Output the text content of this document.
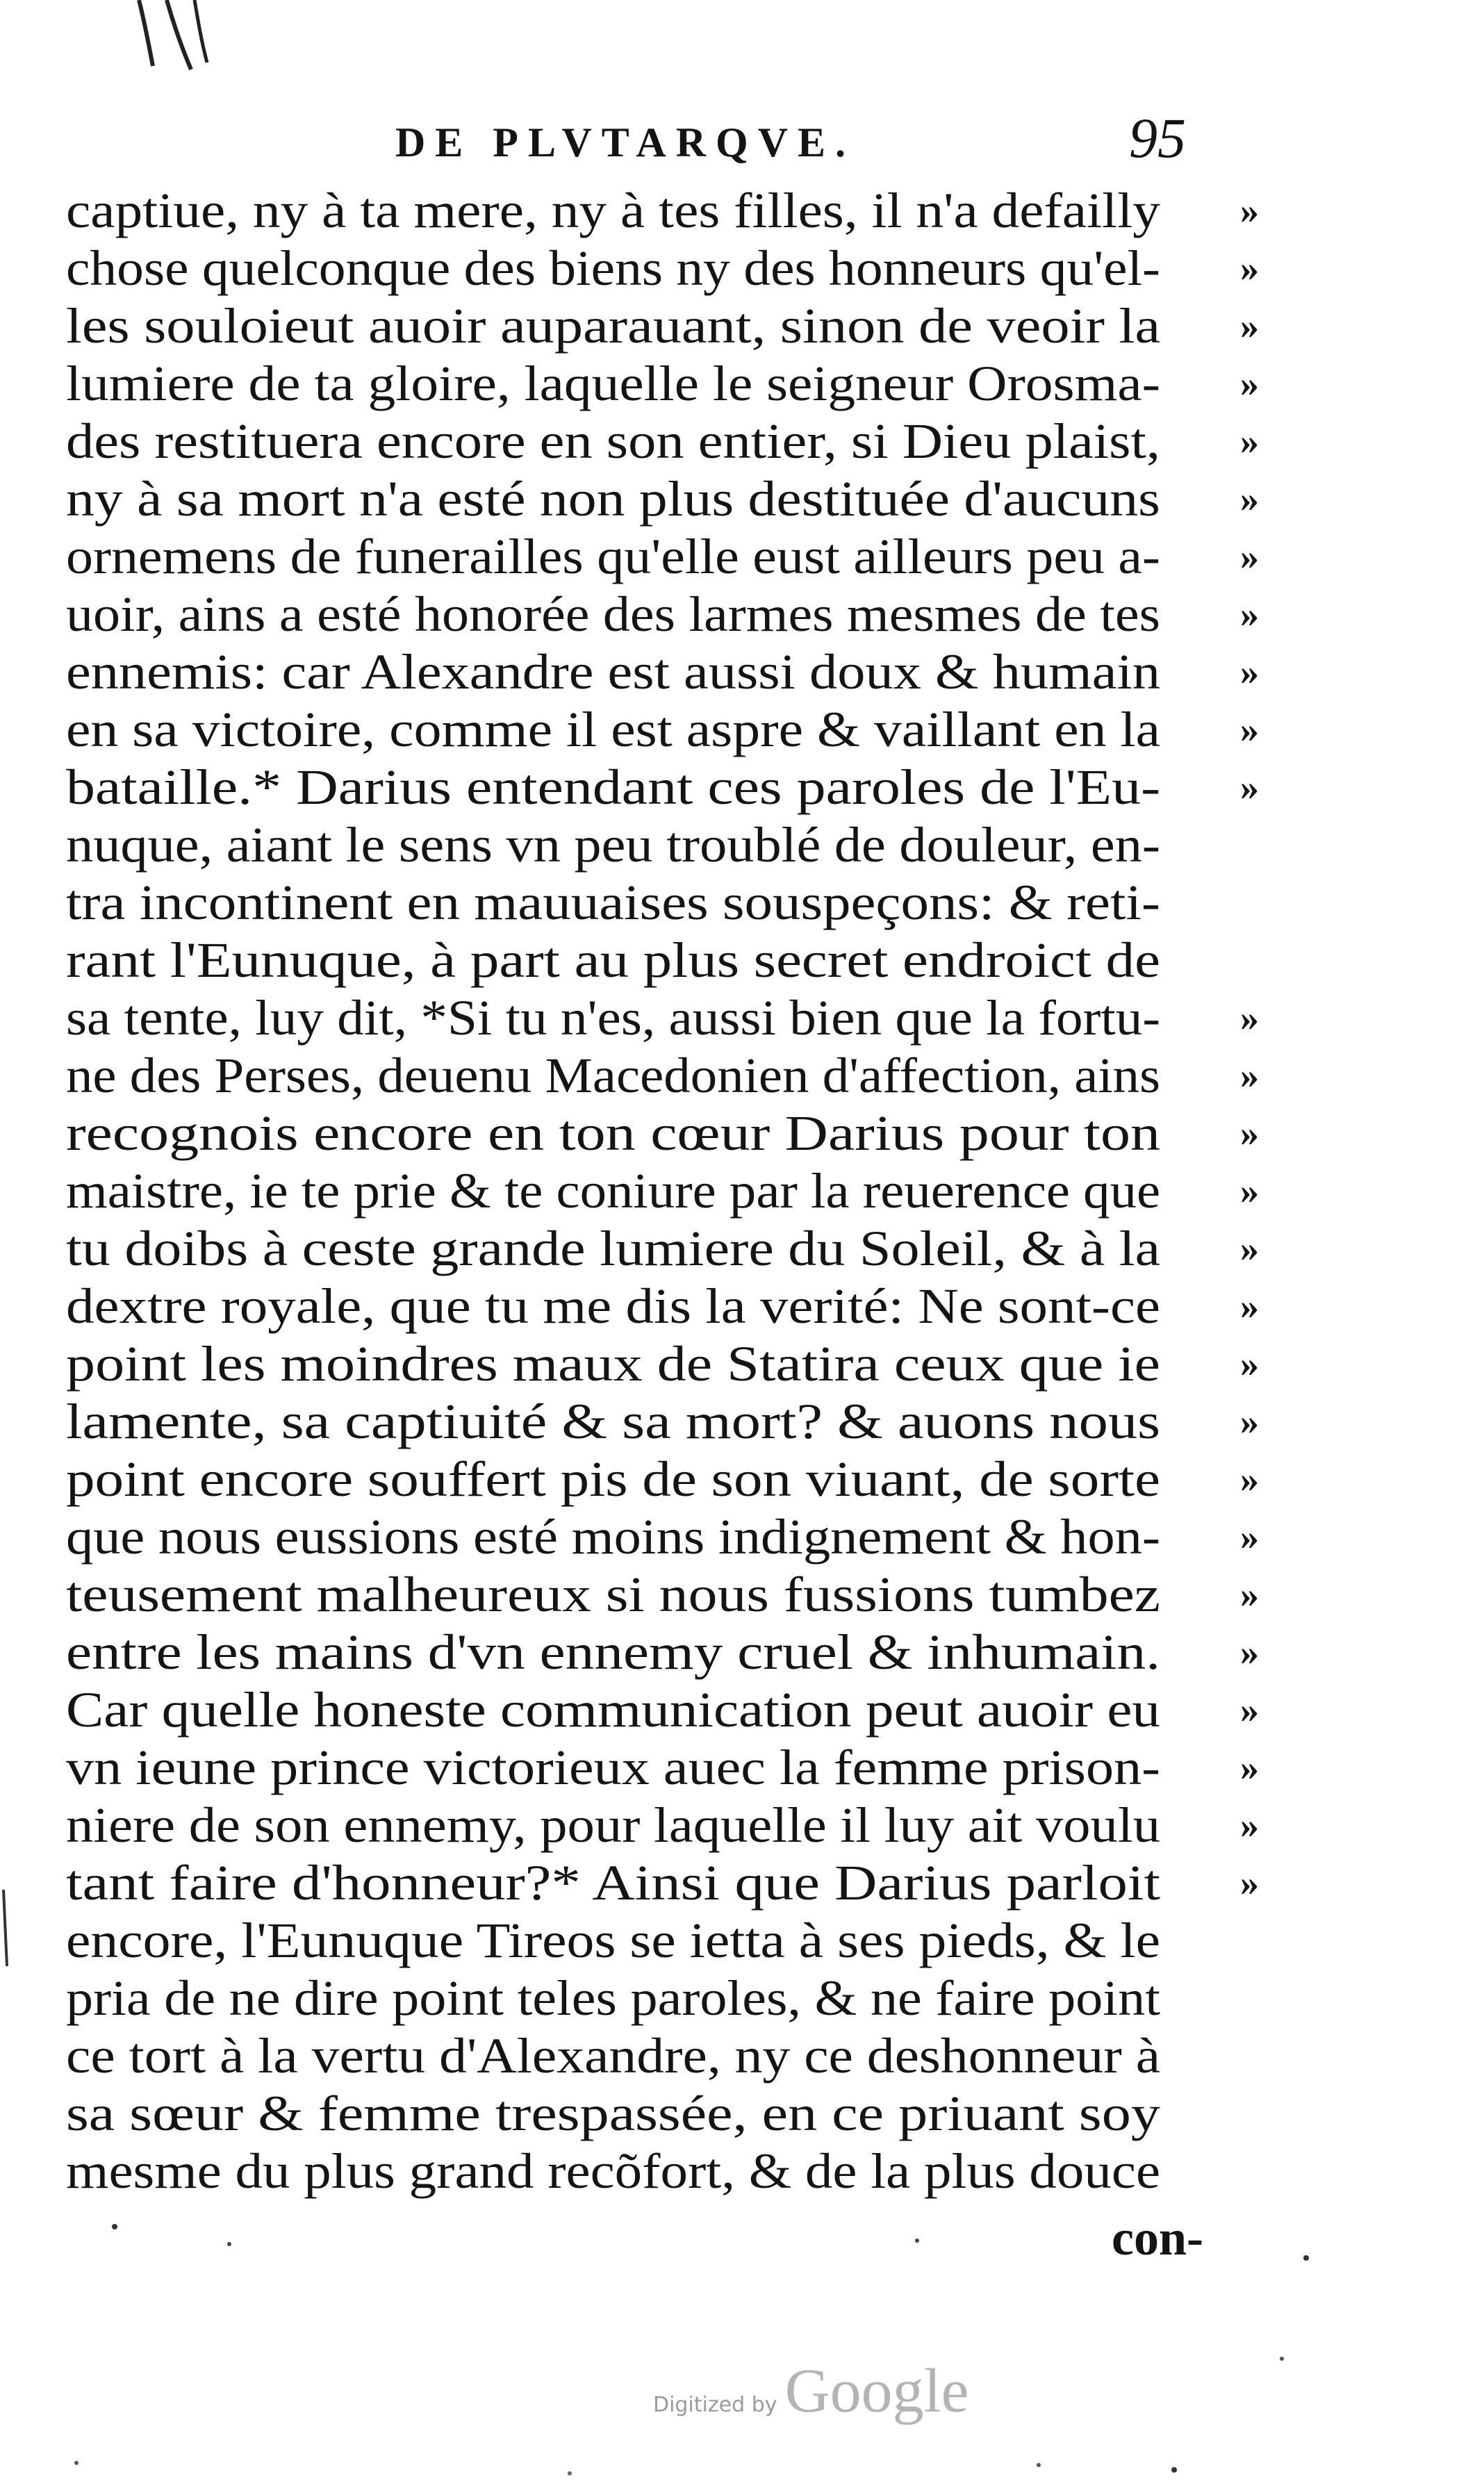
DE PLVTARQVE.	95
captiue, ny à ta mere, ny à tes filles, il n'a defailly »
chose quelconque des biens ny des honneurs qu'el- »
les souloieut auoir auparauant, sinon de veoir la »
lumiere de ta gloire, laquelle le seigneur Orosma- »
des restituera encore en son entier, si Dieu plaist, »
ny à sa mort n'a esté non plus destituée d'aucuns »
ornemens de funerailles qu'elle eust ailleurs peu a- »
uoir, ains a esté honorée des larmes mesmes de tes »
ennemis: car Alexandre est aussi doux & humain »
en sa victoire, comme il est aspre & vaillant en la »
bataille.* Darius entendant ces paroles de l'Eu- »
nuque, aiant le sens vn peu troublé de douleur, en-
tra incontinent en mauuaises souspeçons: & reti-
rant l'Eunuque, à part au plus secret endroict de
sa tente, luy dit, *Si tu n'es, aussi bien que la fortu- »
ne des Perses, deuenu Macedonien d'affection, ains »
recognois encore en ton cœur Darius pour ton »
maistre, ie te prie & te coniure par la reuerence que »
tu doibs à ceste grande lumiere du Soleil, & à la »
dextre royale, que tu me dis la verité: Ne sont-ce »
point les moindres maux de Statira ceux que ie »
lamente, sa captiuité & sa mort? & auons nous »
point encore souffert pis de son viuant, de sorte »
que nous eussions esté moins indignement & hon- »
teusement malheureux si nous fussions tumbez »
entre les mains d'vn ennemy cruel & inhumain. »
Car quelle honeste communication peut auoir eu »
vn ieune prince victorieux auec la femme prison- »
niere de son ennemy, pour laquelle il luy ait voulu »
tant faire d'honneur?* Ainsi que Darius parloit »
encore, l'Eunuque Tireos se ietta à ses pieds, & le
pria de ne dire point teles paroles, & ne faire point
ce tort à la vertu d'Alexandre, ny ce deshonneur à
sa sœur & femme trespassée, en ce priuant soy
mesme du plus grand recõfort, & de la plus douce
con-
Digitized by Google
